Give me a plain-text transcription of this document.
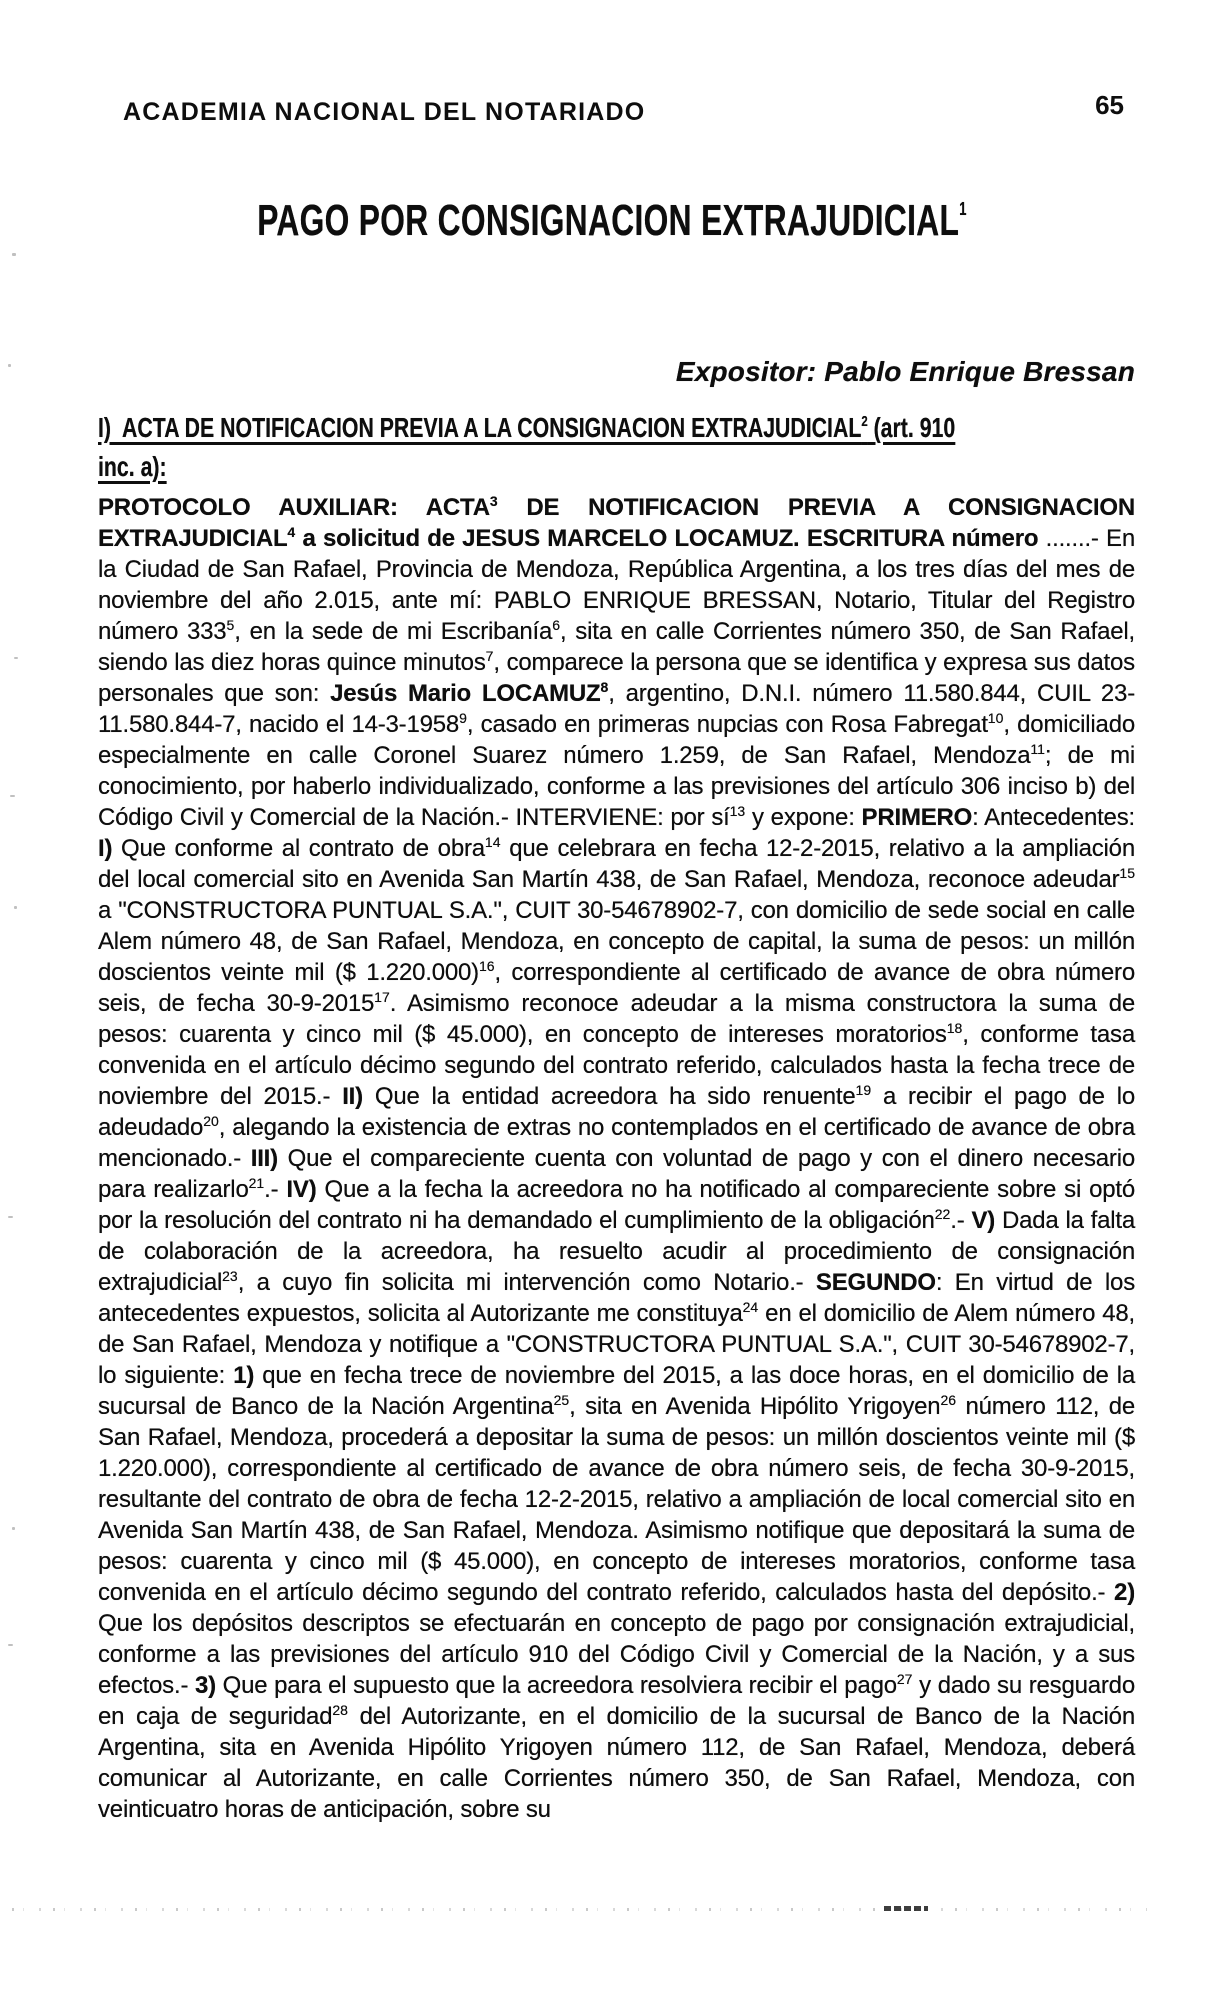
ACADEMIA NACIONAL DEL NOTARIADO	65
PAGO POR CONSIGNACION EXTRAJUDICIAL$^1$
Expositor: Pablo Enrique Bressan
I)  ACTA DE NOTIFICACION PREVIA A LA CONSIGNACION EXTRAJUDICIAL$^2$ (art. 910
inc. a):

PROTOCOLO AUXILIAR: ACTA$^3$ DE NOTIFICACION PREVIA A CONSIGNACION EXTRAJUDICIAL$^4$ a solicitud de JESUS MARCELO LOCAMUZ. ESCRITURA número .......- En la Ciudad de San Rafael, Provincia de Mendoza, República Argentina, a los tres días del mes de noviembre del año 2.015, ante mí: PABLO ENRIQUE BRESSAN, Notario, Titular del Registro número $333^5$, en la sede de mi Escribanía$^6$, sita en calle Corrientes número 350, de San Rafael, siendo las diez horas quince minutos$^7$, comparece la persona que se identifica y expresa sus datos personales que son: Jesús Mario LOCAMUZ$^8$, argentino, D.N.I. número 11.580.844, CUIL 23-11.580.844-7, nacido el 14-3-1958$^9$, casado en primeras nupcias con Rosa Fabregat$^{10}$, domiciliado especialmente en calle Coronel Suarez número 1.259, de San Rafael, Mendoza$^{11}$; de mi conocimiento, por haberlo individualizado, conforme a las previsiones del artículo 306 inciso b) del Código Civil y Comercial de la Nación.- INTERVIENE: por $sí^{13}$ y expone: PRIMERO: Antecedentes: I) Que conforme al contrato de obra$^{14}$ que celebrara en fecha 12-2-2015, relativo a la ampliación del local comercial sito en Avenida San Martín 438, de San Rafael, Mendoza, reconoce adeudar$^{15}$ a "CONSTRUCTORA PUNTUAL S.A.", CUIT 30-54678902-7, con domicilio de sede social en calle Alem número 48, de San Rafael, Mendoza, en concepto de capital, la suma de pesos: un millón doscientos veinte mil ($ 1.220.000)$^{16}$, correspondiente al certificado de avance de obra número seis, de fecha 30-9-2015$^{17}$. Asimismo reconoce adeudar a la misma constructora la suma de pesos: cuarenta y cinco mil ($ 45.000), en concepto de intereses moratorios$^{18}$, conforme tasa convenida en el artículo décimo segundo del contrato referido, calculados hasta la fecha trece de noviembre del 2015.- II) Que la entidad acreedora ha sido renuente$^{19}$ a recibir el pago de lo adeudado$^{20}$, alegando la existencia de extras no contemplados en el certificado de avance de obra mencionado.- III) Que el compareciente cuenta con voluntad de pago y con el dinero necesario para realizarlo$^{21}$.- IV) Que a la fecha la acreedora no ha notificado al compareciente sobre si optó por la resolución del contrato ni ha demandado el cumplimiento de la obligación$^{22}$.- V) Dada la falta de colaboración de la acreedora, ha resuelto acudir al procedimiento de consignación extrajudicial$^{23}$, a cuyo fin solicita mi intervención como Notario.- SEGUNDO: En virtud de los antecedentes expuestos, solicita al Autorizante me constituya$^{24}$ en el domicilio de Alem número 48, de San Rafael, Mendoza y notifique a "CONSTRUCTORA PUNTUAL S.A.", CUIT 30-54678902-7, lo siguiente: 1) que en fecha trece de noviembre del 2015, a las doce horas, en el domicilio de la sucursal de Banco de la Nación Argentina$^{25}$, sita en Avenida Hipólito Yrigoyen$^{26}$ número 112, de San Rafael, Mendoza, procederá a depositar la suma de pesos: un millón doscientos veinte mil ($ 1.220.000), correspondiente al certificado de avance de obra número seis, de fecha 30-9-2015, resultante del contrato de obra de fecha 12-2-2015, relativo a ampliación de local comercial sito en Avenida San Martín 438, de San Rafael, Mendoza. Asimismo notifique que depositará la suma de pesos: cuarenta y cinco mil ($ 45.000), en concepto de intereses moratorios, conforme tasa convenida en el artículo décimo segundo del contrato referido, calculados hasta del depósito.- 2) Que los depósitos descriptos se efectuarán en concepto de pago por consignación extrajudicial, conforme a las previsiones del artículo 910 del Código Civil y Comercial de la Nación, y a sus efectos.- 3) Que para el supuesto que la acreedora resolviera recibir el pago$^{27}$ y dado su resguardo en caja de seguridad$^{28}$ del Autorizante, en el domicilio de la sucursal de Banco de la Nación Argentina, sita en Avenida Hipólito Yrigoyen número 112, de San Rafael, Mendoza, deberá comunicar al Autorizante, en calle Corrientes número 350, de San Rafael, Mendoza, con veinticuatro horas de anticipación, sobre su
